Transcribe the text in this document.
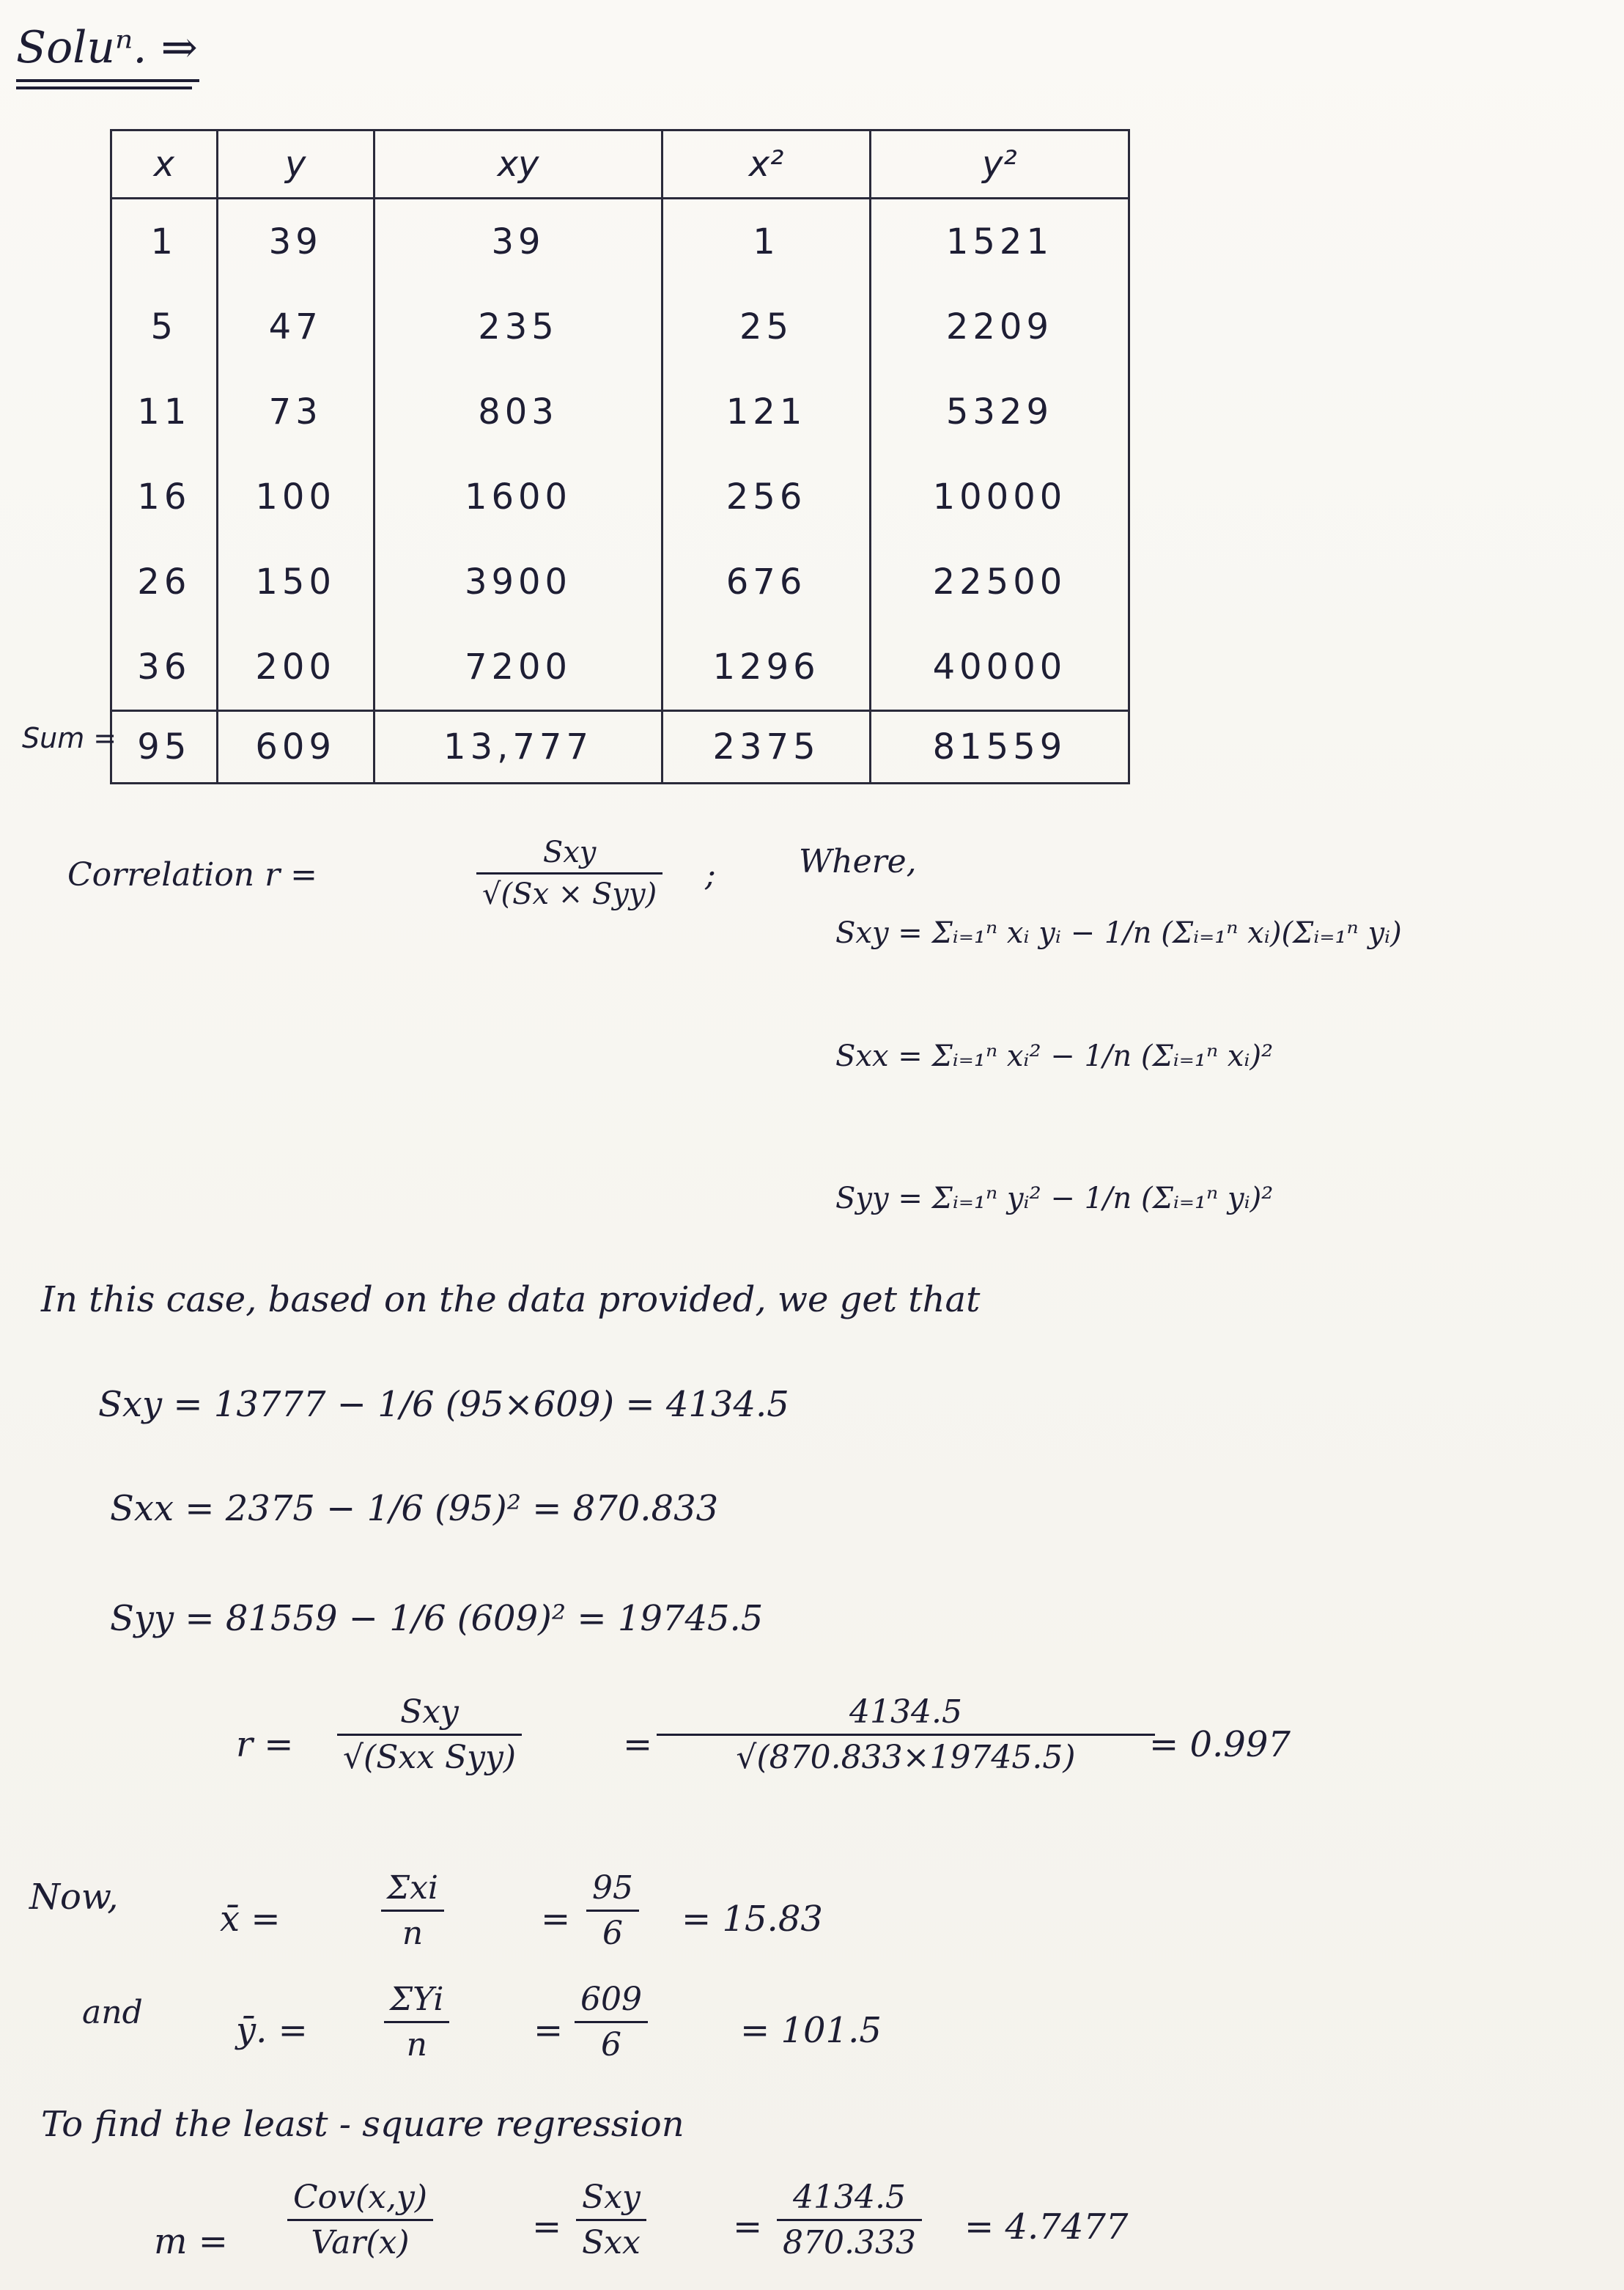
Soluⁿ. ⇒
x	y	xy	x²	y²
1	39	39	1	1521
5	47	235	25	2209
11	73	803	121	5329
16	100	1600	256	10000
26	150	3900	676	22500
36	200	7200	1296	40000
95	609	13,777	2375	81559
Sum =
Correlation r =
Sxy
√(Sx × Syy)
;	Where,
Sxy = Σᵢ₌₁ⁿ xᵢ yᵢ − 1/n (Σᵢ₌₁ⁿ xᵢ)(Σᵢ₌₁ⁿ yᵢ)
Sxx = Σᵢ₌₁ⁿ xᵢ² − 1/n (Σᵢ₌₁ⁿ xᵢ)²
Syy = Σᵢ₌₁ⁿ yᵢ² − 1/n (Σᵢ₌₁ⁿ yᵢ)²
In this case, based on the data provided, we get that
Sxy = 13777 − 1/6 (95×609) = 4134.5
Sxx = 2375 − 1/6 (95)² = 870.833
Syy = 81559 − 1/6 (609)² = 19745.5
r =
Sxy
√(Sxx Syy)	=
4134.5
√(870.833×19745.5) = 0.997
Now,
x̄ =
Σxi
n	=
95
6 = 15.83
and	ȳ. =
ΣYi
n	=
609
6	= 101.5
To find the least - square regression
m =
Cov(x,y)
Var(x)	=
Sxy
Sxx	=
4134.5
870.333 = 4.7477
